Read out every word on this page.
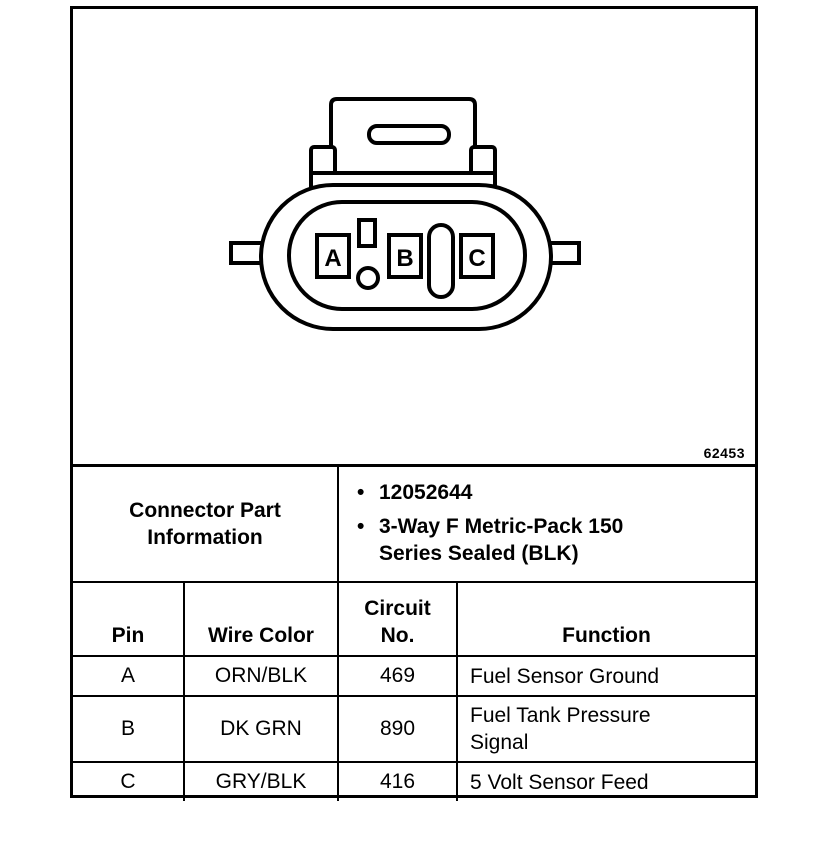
A B C
62453
Connector Part Information		• 12052644
• 3-Way F Metric-Pack 150 Series Sealed (BLK)

Pin	Wire Color	Circuit No.	Function
A	ORN/BLK	469	Fuel Sensor Ground
B	DK GRN	890	Fuel Tank Pressure Signal

C	GRY/BLK	416	5 Volt Sensor Feed
